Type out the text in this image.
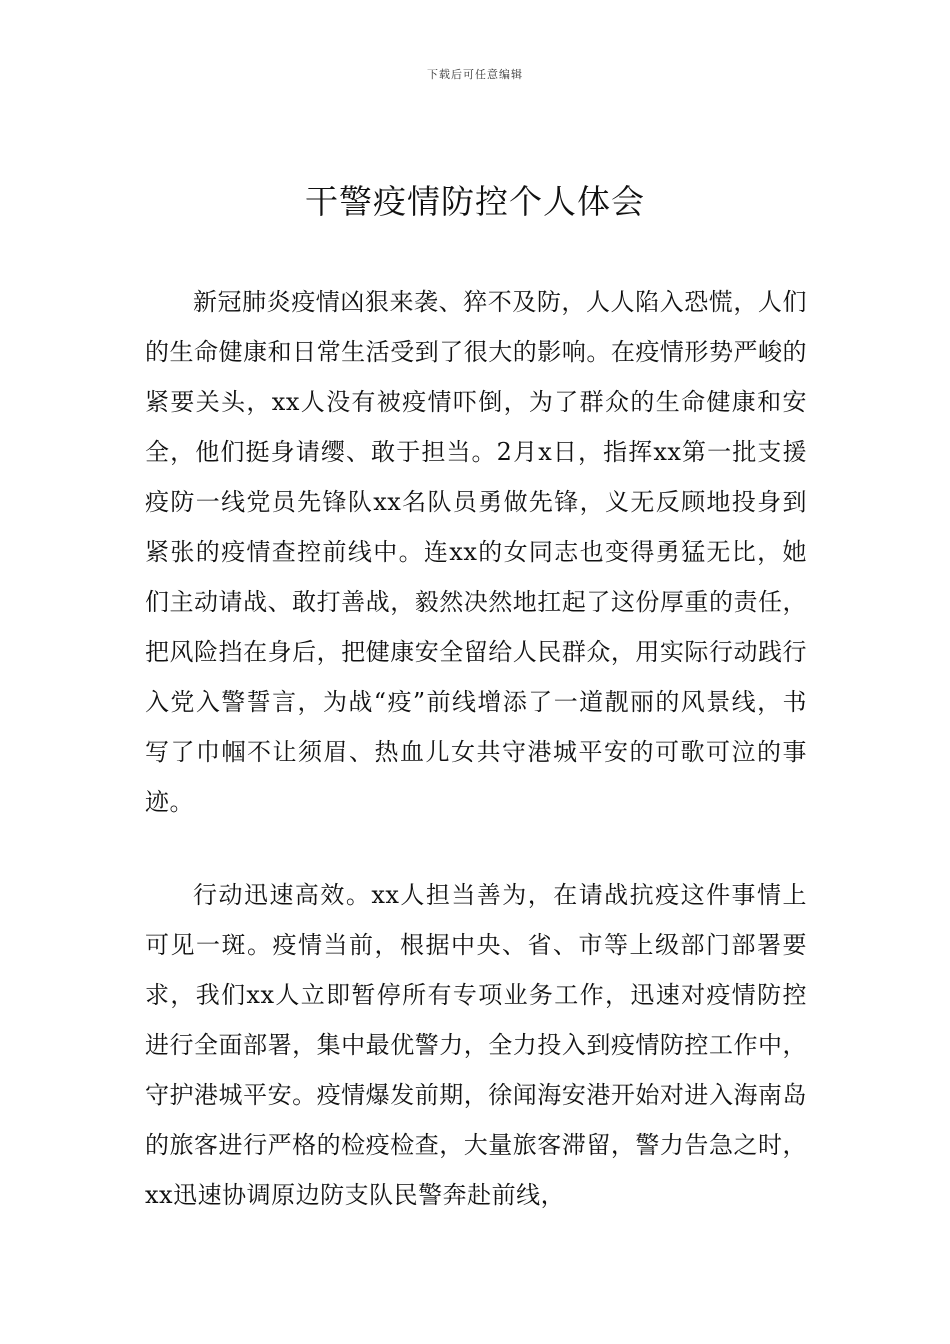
下载后可任意编辑
干警疫情防控个人体会

新冠肺炎疫情凶狠来袭、猝不及防，人人陷入恐慌，人们的生命健康和日常生活受到了很大的影响。在疫情形势严峻的紧要关头，xx人没有被疫情吓倒，为了群众的生命健康和安全，他们挺身请缨、敢于担当。2月x日，指挥xx第一批支援疫防一线党员先锋队xx名队员勇做先锋，义无反顾地投身到紧张的疫情查控前线中。连xx的女同志也变得勇猛无比，她们主动请战、敢打善战，毅然决然地扛起了这份厚重的责任，把风险挡在身后，把健康安全留给人民群众，用实际行动践行入党入警誓言，为战“疫”前线增添了一道靓丽的风景线，书写了巾帼不让须眉、热血儿女共守港城平安的可歌可泣的事迹。

行动迅速高效。xx人担当善为，在请战抗疫这件事情上可见一斑。疫情当前，根据中央、省、市等上级部门部署要求，我们xx人立即暂停所有专项业务工作，迅速对疫情防控进行全面部署，集中最优警力，全力投入到疫情防控工作中，守护港城平安。疫情爆发前期，徐闻海安港开始对进入海南岛的旅客进行严格的检疫检查，大量旅客滞留，警力告急之时，xx迅速协调原边防支队民警奔赴前线，
